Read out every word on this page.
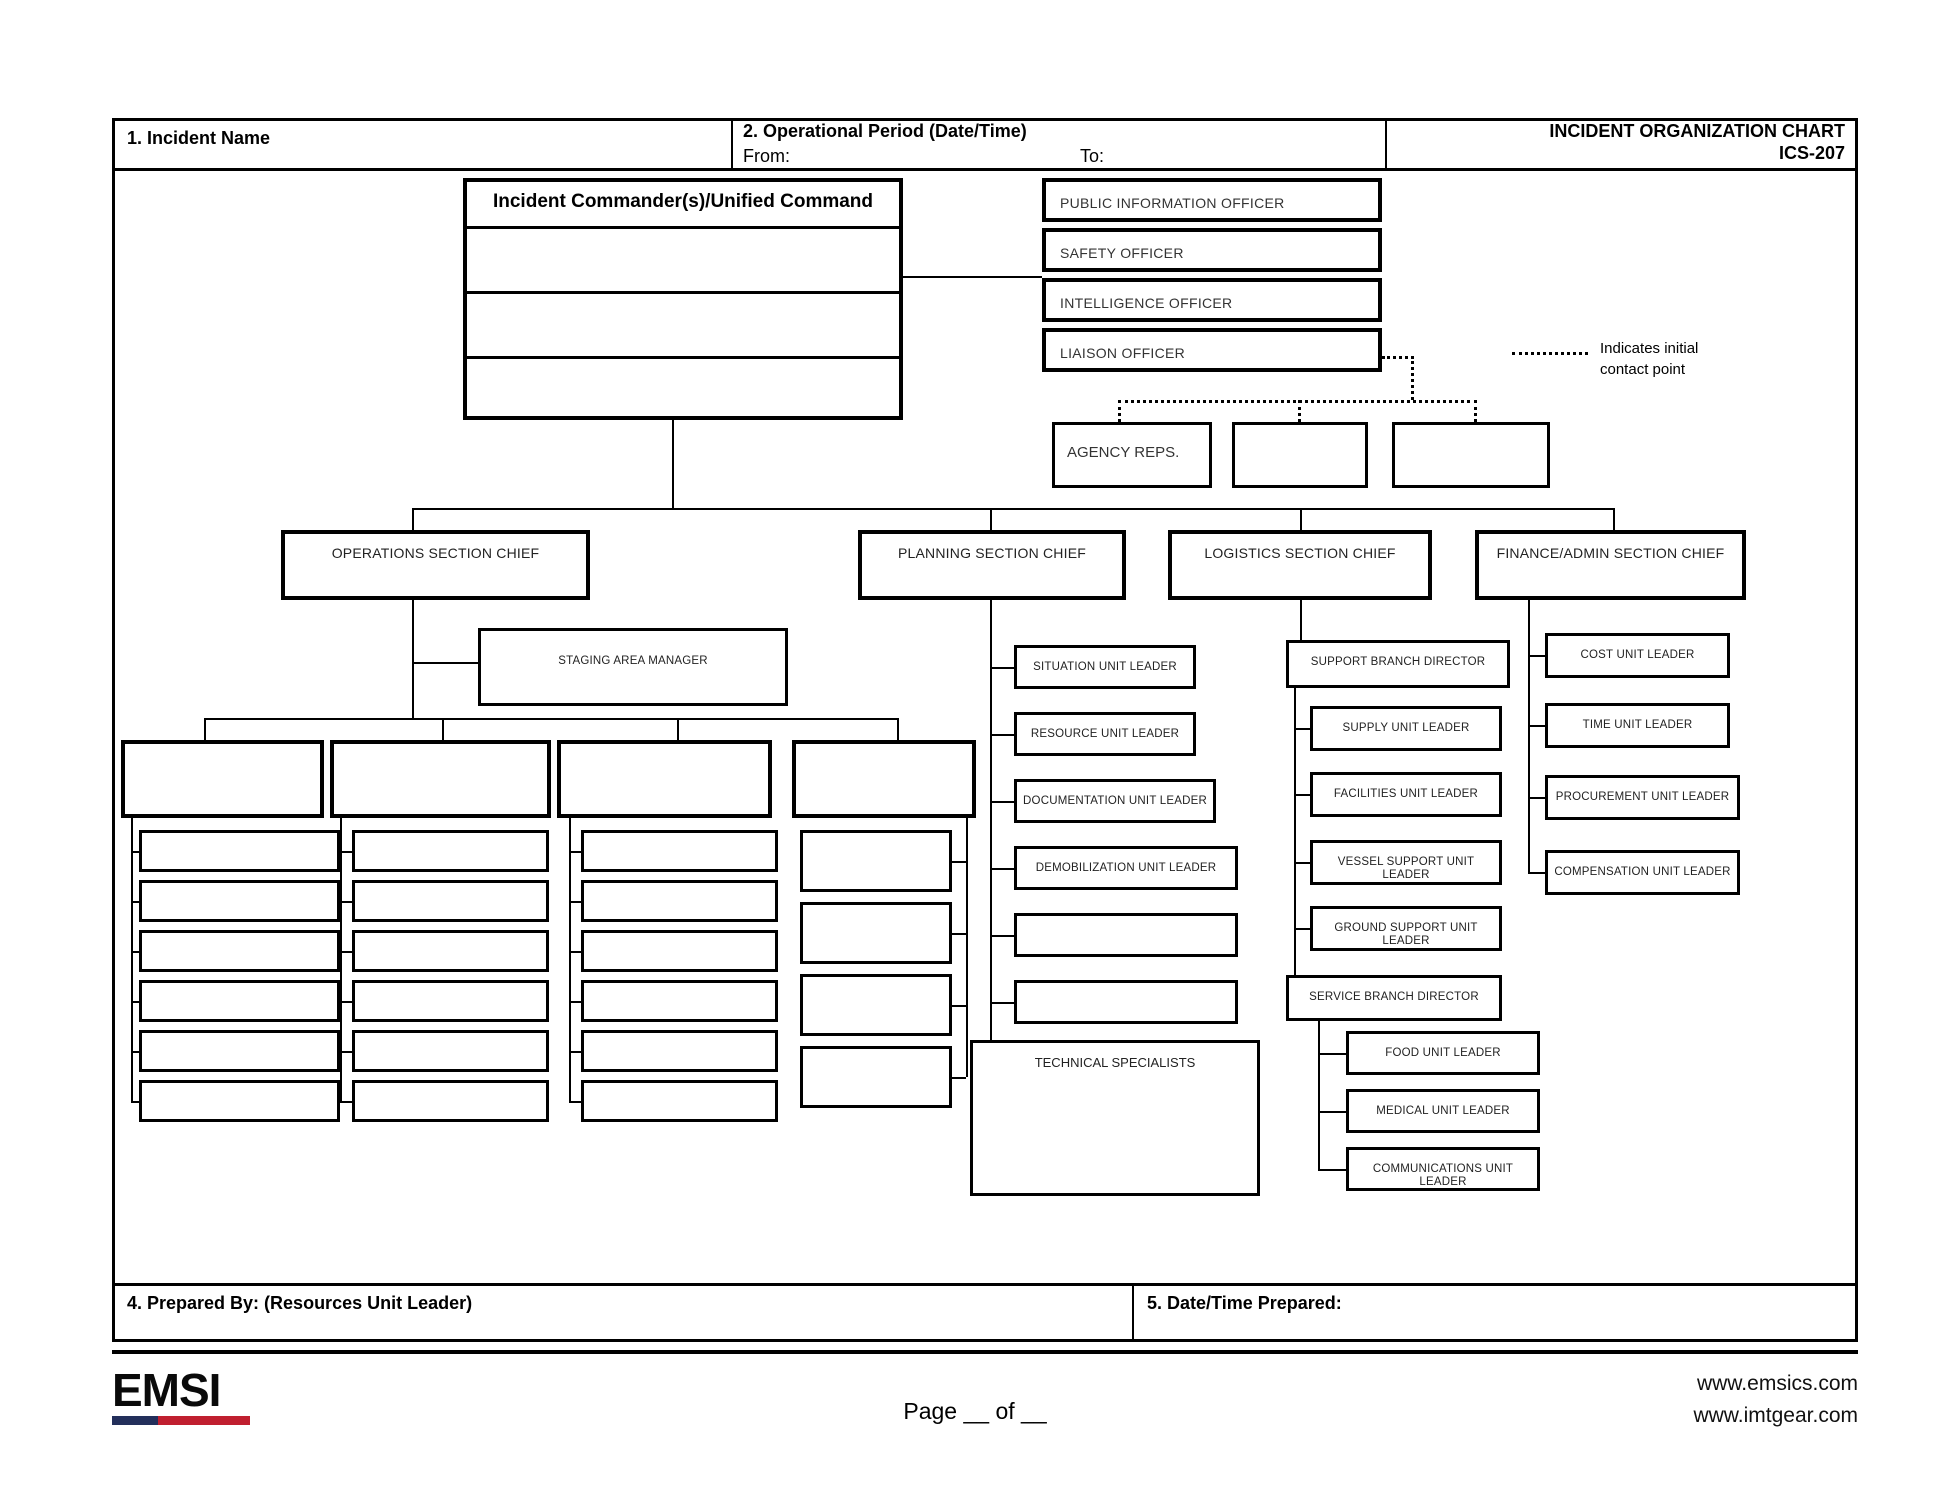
1. Incident Name	2. Operational Period (Date/Time)
From:	To:
INCIDENT ORGANIZATION CHART
ICS-207
Incident Commander(s)/Unified Command	PUBLIC INFORMATION OFFICER
SAFETY OFFICER
INTELLIGENCE OFFICER
LIAISON OFFICER	Indicates initial
contact point
AGENCY REPS.
OPERATIONS SECTION CHIEF	PLANNING SECTION CHIEF	LOGISTICS SECTION CHIEF	FINANCE/ADMIN SECTION CHIEF
STAGING AREA MANAGER	SITUATION UNIT LEADER
RESOURCE UNIT LEADER
DOCUMENTATION UNIT LEADER
DEMOBILIZATION UNIT LEADER
TECHNICAL SPECIALISTS
SUPPORT BRANCH DIRECTOR
SUPPLY UNIT LEADER
FACILITIES UNIT LEADER
VESSEL SUPPORT UNIT LEADER
GROUND SUPPORT UNIT LEADER
SERVICE BRANCH DIRECTOR
FOOD UNIT LEADER
MEDICAL UNIT LEADER
COMMUNICATIONS UNIT LEADER
COST UNIT LEADER
TIME UNIT LEADER
PROCUREMENT UNIT LEADER
COMPENSATION UNIT LEADER
4. Prepared By: (Resources Unit Leader)	5. Date/Time Prepared:
EMSI	Page __ of __
www.emsics.com
www.imtgear.com
